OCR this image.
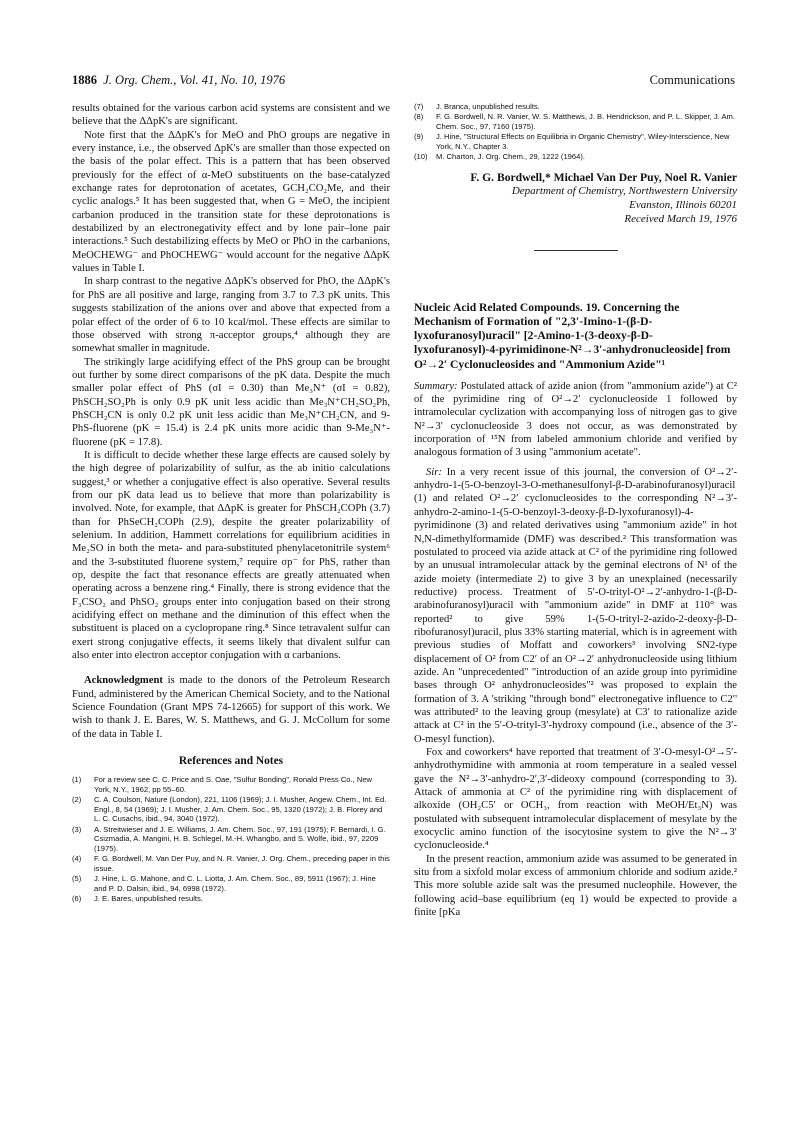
1886 J. Org. Chem., Vol. 41, No. 10, 1976	Communications

results obtained for the various carbon acid systems are consistent and we believe that the ΔΔpK's are significant.

Note first that the ΔΔpK's for MeO and PhO groups are negative in every instance, i.e., the observed ΔpK's are smaller than those expected on the basis of the polar effect. This is a pattern that has been observed previously for the effect of α-MeO substituents on the base-catalyzed exchange rates for deprotonation of acetates, GCH₂CO₂Me, and their cyclic analogs.⁵ It has been suggested that, when G = MeO, the incipient carbanion produced in the transition state for these deprotonations is destabilized by an electronegativity effect and by lone pair–lone pair interactions.⁵ Such destabilizing effects by MeO or PhO in the carbanions, MeOCHEWG⁻ and PhOCHEWG⁻ would account for the negative ΔΔpK values in Table I.

In sharp contrast to the negative ΔΔpK's observed for PhO, the ΔΔpK's for PhS are all positive and large, ranging from 3.7 to 7.3 pK units. This suggests stabilization of the anions over and above that expected from a polar effect of the order of 6 to 10 kcal/mol. These effects are similar to those observed with strong π-acceptor groups,⁴ although they are somewhat smaller in magnitude.

The strikingly large acidifying effect of the PhS group can be brought out further by some direct comparisons of the pK data. Despite the much smaller polar effect of PhS (σI = 0.30) than Me₃N⁺ (σI = 0.82), PhSCH₂SO₂Ph is only 0.9 pK unit less acidic than Me₃N⁺CH₂SO₂Ph, PhSCH₂CN is only 0.2 pK unit less acidic than Me₃N⁺CH₂CN, and 9-PhS-fluorene (pK = 15.4) is 2.4 pK units more acidic than 9-Me₃N⁺-fluorene (pK = 17.8).

It is difficult to decide whether these large effects are caused solely by the high degree of polarizability of sulfur, as the ab initio calculations suggest,³ or whether a conjugative effect is also operative. Several results from our pK data lead us to believe that more than polarizability is involved. Note, for example, that ΔΔpK is greater for PhSCH₂COPh (3.7) than for PhSeCH₂COPh (2.9), despite the greater polarizability of selenium. In addition, Hammett correlations for equilibrium acidities in Me₂SO in both the meta- and para-substituted phenylacetonitrile system⁶ and the 3-substituted fluorene system,⁷ require σp⁻ for PhS, rather than σp, despite the fact that resonance effects are greatly attenuated when operating across a benzene ring.⁴ Finally, there is strong evidence that the F₃CSO₂ and PhSO₂ groups enter into conjugation based on their strong acidifying effect on methane and the diminution of this effect when the substituent is placed on a cyclopropane ring.⁸ Since tetravalent sulfur can exert strong conjugative effects, it seems likely that divalent sulfur can also enter into electron acceptor conjugation with α carbanions.

Acknowledgment is made to the donors of the Petroleum Research Fund, administered by the American Chemical Society, and to the National Science Foundation (Grant MPS 74-12665) for support of this work. We wish to thank J. E. Bares, W. S. Matthews, and G. J. McCollum for some of the data in Table I.

References and Notes
(1) For a review see C. C. Price and S. Oae, "Sulfur Bonding", Ronald Press Co., New York, N.Y., 1962, pp 55–60.
(2) C. A. Coulson, Nature (London), 221, 1106 (1969); J. I. Musher, Angew. Chem., Int. Ed. Engl., 8, 54 (1969); J. I. Musher, J. Am. Chem. Soc., 95, 1320 (1972); J. B. Florey and L. C. Cusachs, ibid., 94, 3040 (1972).
(3) A. Streitwieser and J. E. Williams, J. Am. Chem. Soc., 97, 191 (1975); F. Bernardi, I. G. Csizmadia, A. Mangini, H. B. Schlegel, M.-H. Whangbo, and S. Wolfe, ibid., 97, 2209 (1975).
(4) F. G. Bordwell, M. Van Der Puy, and N. R. Vanier, J. Org. Chem., preceding paper in this issue.
(5) J. Hine, L. G. Mahone, and C. L. Liotta, J. Am. Chem. Soc., 89, 5911 (1967); J. Hine and P. D. Dalsin, ibid., 94, 6998 (1972).
(6) J. E. Bares, unpublished results.
(7) J. Branca, unpublished results.
(8) F. G. Bordwell, N. R. Vanier, W. S. Matthews, J. B. Hendrickson, and P. L. Skipper, J. Am. Chem. Soc., 97, 7160 (1975).
(9) J. Hine, "Structural Effects on Equilibria in Organic Chemistry", Wiley-Interscience, New York, N.Y., Chapter 3.
(10) M. Charton, J. Org. Chem., 29, 1222 (1964).
F. G. Bordwell,* Michael Van Der Puy, Noel R. Vanier
Department of Chemistry, Northwestern University
Evanston, Illinois 60201
Received March 19, 1976
Nucleic Acid Related Compounds. 19. Concerning the Mechanism of Formation of "2,3′-Imino-1-(β-D-lyxofuranosyl)uracil" [2-Amino-1-(3-deoxy-β-D-lyxofuranosyl)-4-pyrimidinone-N²→3′-anhydronucleoside] from O²→2′ Cyclonucleosides and "Ammonium Azide"¹

Summary: Postulated attack of azide anion (from "ammonium azide") at C² of the pyrimidine ring of O²→2′ cyclonucleoside 1 followed by intramolecular cyclization with accompanying loss of nitrogen gas to give N²→3′ cyclonucleoside 3 does not occur, as was demonstrated by incorporation of ¹⁵N from labeled ammonium chloride and verified by analogous formation of 3 using "ammonium acetate".

Sir: In a very recent issue of this journal, the conversion of O²→2′-anhydro-1-(5-O-benzoyl-3-O-methanesulfonyl-β-D-arabinofuranosyl)uracil (1) and related O²→2′ cyclonucleosides to the corresponding N²→3′-anhydro-2-amino-1-(5-O-benzoyl-3-deoxy-β-D-lyxofuranosyl)-4-pyrimidinone (3) and related derivatives using "ammonium azide" in hot N,N-dimethylformamide (DMF) was described.² This transformation was postulated to proceed via azide attack at C² of the pyrimidine ring followed by an unusual intramolecular attack by the geminal electrons of N¹ of the azide moiety (intermediate 2) to give 3 by an unexplained (necessarily reductive) process. Treatment of 5′-O-trityl-O²→2′-anhydro-1-(β-D-arabinofuranosyl)uracil with "ammonium azide" in DMF at 110° was reported² to give 59% 1-(5-O-trityl-2-azido-2-deoxy-β-D-ribofuranosyl)uracil, plus 33% starting material, which is in agreement with previous studies of Moffatt and coworkers³ involving SN2-type displacement of O² from C2′ of an O²→2′ anhydronucleoside using lithium azide. An "unprecedented" "introduction of an azide group into pyrimidine bases through O² anhydronucleosides"² was proposed to explain the formation of 3. A 'striking "through bond" electronegative influence to C2′' was attributed² to the leaving group (mesylate) at C3′ to rationalize azide attack at C² in the 5′-O-trityl-3′-hydroxy compound (i.e., absence of the 3′-O-mesyl function).

Fox and coworkers⁴ have reported that treatment of 3′-O-mesyl-O²→5′-anhydrothymidine with ammonia at room temperature in a sealed vessel gave the N²→3′-anhydro-2′,3′-dideoxy compound (corresponding to 3). Attack of ammonia at C² of the pyrimidine ring with displacement of alkoxide (OH₂C5′ or OCH₃, from reaction with MeOH/Et₃N) was postulated with subsequent intramolecular displacement of mesylate by the exocyclic amino function of the isocytosine system to give the N²→3′ cyclonucleoside.⁴

In the present reaction, ammonium azide was assumed to be generated in situ from a sixfold molar excess of ammonium chloride and sodium azide.² This more soluble azide salt was the presumed nucleophile. However, the following acid–base equilibrium (eq 1) would be expected to provide a finite [pKa
